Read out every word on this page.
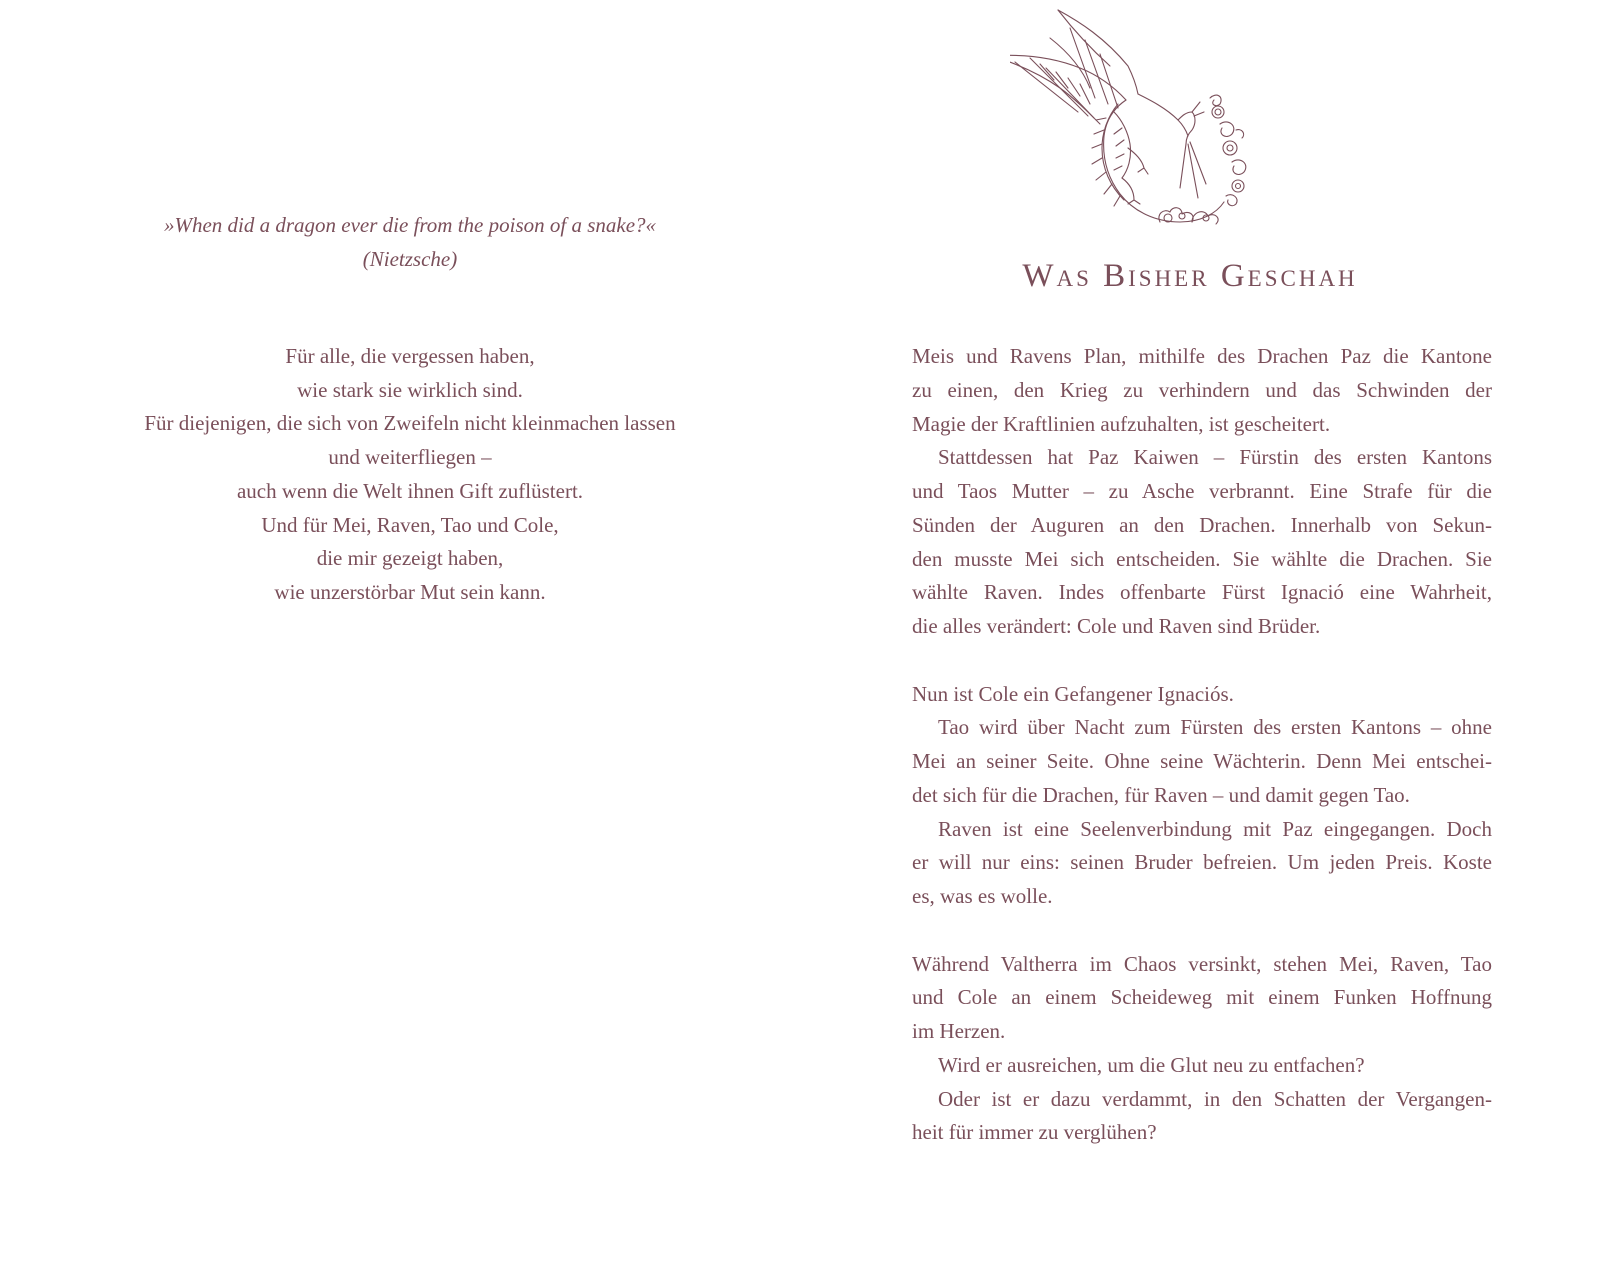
»When did a dragon ever die from the poison of a snake?«
(Nietzsche)
Für alle, die vergessen haben,
wie stark sie wirklich sind.
Für diejenigen, die sich von Zweifeln nicht kleinmachen lassen
und weiterfliegen –
auch wenn die Welt ihnen Gift zuflüstert.
Und für Mei, Raven, Tao und Cole,
die mir gezeigt haben,
wie unzerstörbar Mut sein kann.
Was Bisher Geschah
Meis und Ravens Plan, mithilfe des Drachen Paz die Kantone
zu einen, den Krieg zu verhindern und das Schwinden der
Magie der Kraftlinien aufzuhalten, ist gescheitert.
Stattdessen hat Paz Kaiwen – Fürstin des ersten Kantons
und Taos Mutter – zu Asche verbrannt. Eine Strafe für die
Sünden der Auguren an den Drachen. Innerhalb von Sekun-
den musste Mei sich entscheiden. Sie wählte die Drachen. Sie
wählte Raven. Indes offenbarte Fürst Ignació eine Wahrheit,
die alles verändert: Cole und Raven sind Brüder.
Nun ist Cole ein Gefangener Ignaciós.
Tao wird über Nacht zum Fürsten des ersten Kantons – ohne
Mei an seiner Seite. Ohne seine Wächterin. Denn Mei entschei-
det sich für die Drachen, für Raven – und damit gegen Tao.
Raven ist eine Seelenverbindung mit Paz eingegangen. Doch
er will nur eins: seinen Bruder befreien. Um jeden Preis. Koste
es, was es wolle.
Während Valtherra im Chaos versinkt, stehen Mei, Raven, Tao
und Cole an einem Scheideweg mit einem Funken Hoffnung
im Herzen.
Wird er ausreichen, um die Glut neu zu entfachen?
Oder ist er dazu verdammt, in den Schatten der Vergangen-
heit für immer zu verglühen?
